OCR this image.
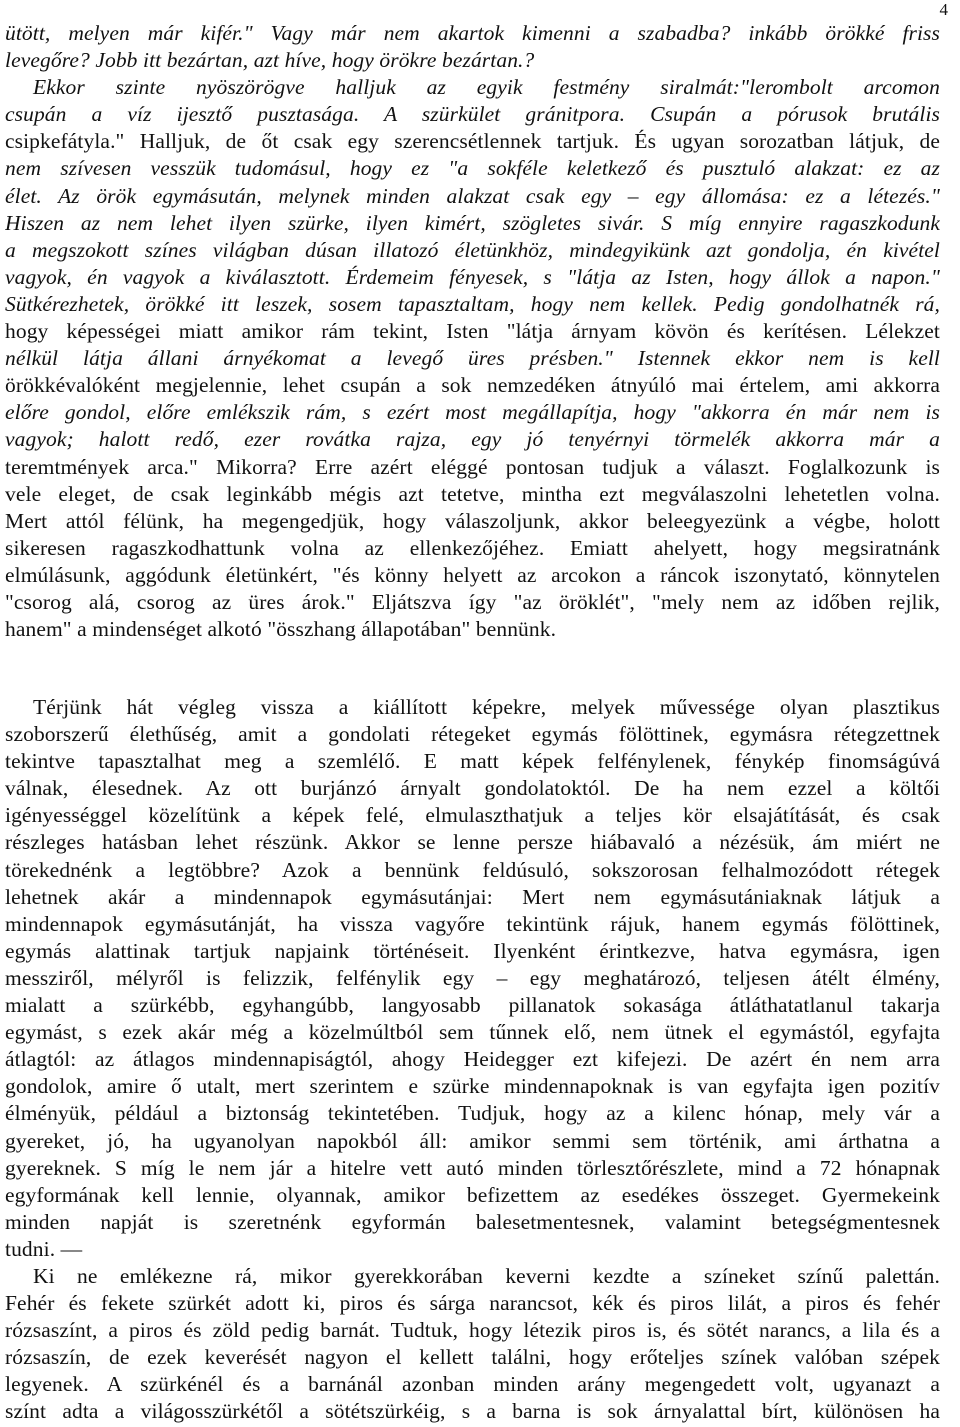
4
ütött, melyen már kifér." Vagy már nem akartok kimenni a szabadba? inkább örökké friss
levegőre? Jobb itt bezártan, azt híve, hogy örökre bezártan.?
Ekkor szinte nyöszörögve halljuk az egyik festmény siralmát:"lerombolt arcomon
csupán a víz ijesztő pusztasága. A szürkület gránitpora. Csupán a pórusok brutális
csipkefátyla." Halljuk, de őt csak egy szerencsétlennek tartjuk. És ugyan sorozatban látjuk, de
nem szívesen vesszük tudomásul, hogy ez "a sokféle keletkező és pusztuló alakzat: ez az
élet. Az örök egymásután, melynek minden alakzat csak egy – egy állomása: ez a létezés."
Hiszen az nem lehet ilyen szürke, ilyen kimért, szögletes sivár. S míg ennyire ragaszkodunk
a megszokott színes világban dúsan illatozó életünkhöz, mindegyikünk azt gondolja, én kivétel
vagyok, én vagyok a kiválasztott. Érdemeim fényesek, s "látja az Isten, hogy állok a napon."
Sütkérezhetek, örökké itt leszek, sosem tapasztaltam, hogy nem kellek. Pedig gondolhatnék rá,
hogy képességei miatt amikor rám tekint, Isten "látja árnyam kövön és kerítésen. Lélekzet
nélkül látja állani árnyékomat a levegő üres présben." Istennek ekkor nem is kell
örökkévalóként megjelennie, lehet csupán a sok nemzedéken átnyúló mai értelem, ami akkorra
előre gondol, előre emlékszik rám, s ezért most megállapítja, hogy "akkorra én már nem is
vagyok; halott redő, ezer rovátka rajza, egy jó tenyérnyi törmelék akkorra már a
teremtmények arca." Mikorra? Erre azért eléggé pontosan tudjuk a választ. Foglalkozunk is
vele eleget, de csak leginkább mégis azt tetetve, mintha ezt megválaszolni lehetetlen volna.
Mert attól félünk, ha megengedjük, hogy válaszoljunk, akkor beleegyezünk a végbe, holott
sikeresen ragaszkodhattunk volna az ellenkezőjéhez. Emiatt ahelyett, hogy megsiratnánk
elmúlásunk, aggódunk életünkért, "és könny helyett az arcokon a ráncok iszonytató, könnytelen
"csorog alá, csorog az üres árok." Eljátszva így "az öröklét", "mely nem az időben rejlik,
hanem" a mindenséget alkotó "összhang állapotában" bennünk.
Térjünk hát végleg vissza a kiállított képekre, melyek művessége olyan plasztikus
szoborszerű élethűség, amit a gondolati rétegeket egymás fölöttinek, egymásra rétegzettnek
tekintve tapasztalhat meg a szemlélő. E matt képek felfénylenek, fénykép finomságúvá
válnak, élesednek. Az ott burjánzó árnyalt gondolatoktól. De ha nem ezzel a költői
igényességgel közelítünk a képek felé, elmulaszthatjuk a teljes kör elsajátítását, és csak
részleges hatásban lehet részünk. Akkor se lenne persze hiábavaló a nézésük, ám miért ne
törekednénk a legtöbbre? Azok a bennünk feldúsuló, sokszorosan felhalmozódott rétegek
lehetnek akár a mindennapok egymásutánjai: Mert nem egymásutániaknak látjuk a
mindennapok egymásutánját, ha vissza vagyőre tekintünk rájuk, hanem egymás fölöttinek,
egymás alattinak tartjuk napjaink történéseit. Ilyenként érintkezve, hatva egymásra, igen
messziről, mélyről is felizzik, felfénylik egy – egy meghatározó, teljesen átélt élmény,
mialatt a szürkébb, egyhangúbb, langyosabb pillanatok sokasága átláthatatlanul takarja
egymást, s ezek akár még a közelmúltból sem tűnnek elő, nem ütnek el egymástól, egyfajta
átlagtól: az átlagos mindennapiságtól, ahogy Heidegger ezt kifejezi. De azért én nem arra
gondolok, amire ő utalt, mert szerintem e szürke mindennapoknak is van egyfajta igen pozitív
élményük, például a biztonság tekintetében. Tudjuk, hogy az a kilenc hónap, mely vár a
gyereket, jó, ha ugyanolyan napokból áll: amikor semmi sem történik, ami árthatna a
gyereknek. S míg le nem jár a hitelre vett autó minden törlesztőrészlete, mind a 72 hónapnak
egyformának kell lennie, olyannak, amikor befizettem az esedékes összeget. Gyermekeink
minden napját is szeretnénk egyformán balesetmentesnek, valamint betegségmentesnek
tudni. —
Ki ne emlékezne rá, mikor gyerekkorában keverni kezdte a színeket színű palettán.
Fehér és fekete szürkét adott ki, piros és sárga narancsot, kék és piros lilát, a piros és fehér
rózsaszínt, a piros és zöld pedig barnát. Tudtuk, hogy létezik piros is, és sötét narancs, a lila és a
rózsaszín, de ezek keverését nagyon el kellett találni, hogy erőteljes színek valóban szépek
legyenek. A szürkénél és a barnánál azonban minden arány megengedett volt, ugyanazt a
színt adta a világosszürkétől a sötétszürkéig, s a barna is sok árnyalattal bírt, különösen ha
